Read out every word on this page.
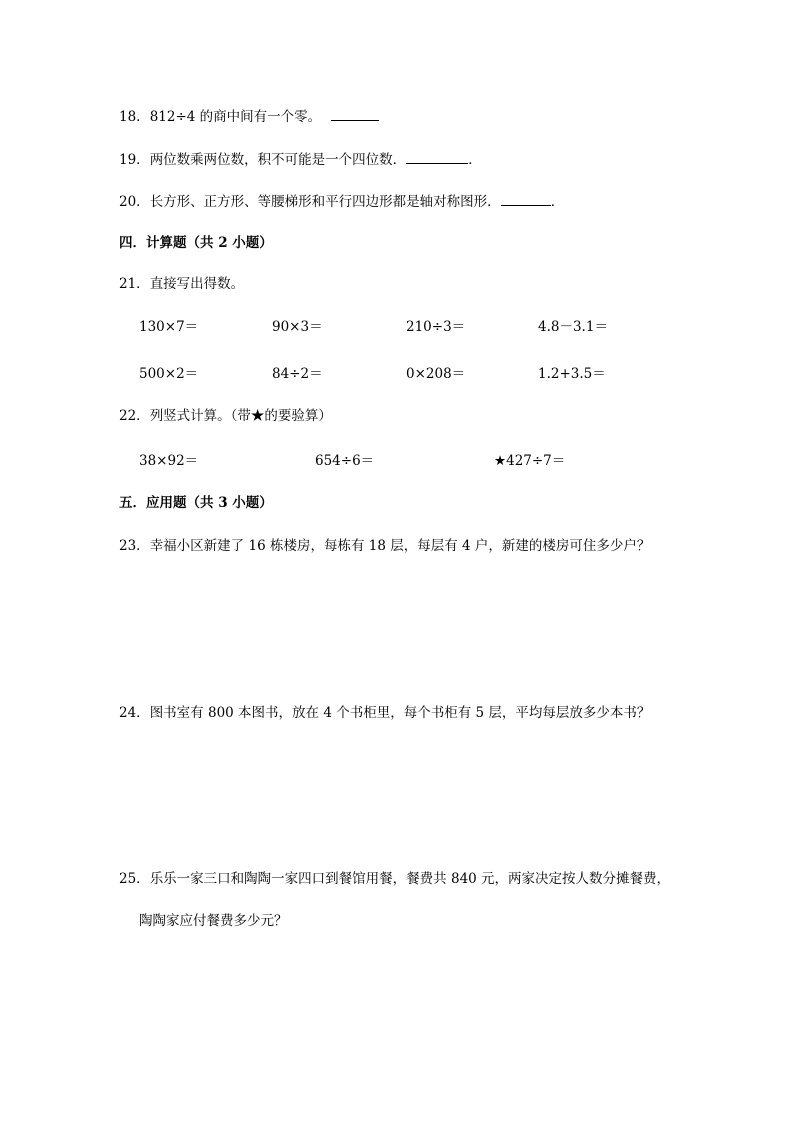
18．812÷4 的商中间有一个零。
19．两位数乘两位数，积不可能是一个四位数．	．
20．长方形、正方形、等腰梯形和平行四边形都是轴对称图形．	．
四．计算题（共 2 小题）
21．直接写出得数。
130×7＝	90×3＝	210÷3＝	4.8－3.1＝
500×2＝	84÷2＝	0×208＝	1.2+3.5＝
22．列竖式计算。（带★的要验算）
38×92＝	654÷6＝	★427÷7＝
五．应用题（共 3 小题）
23．幸福小区新建了 16 栋楼房，每栋有 18 层，每层有 4 户，新建的楼房可住多少户？
24．图书室有 800 本图书，放在 4 个书柜里，每个书柜有 5 层，平均每层放多少本书？
25．乐乐一家三口和陶陶一家四口到餐馆用餐，餐费共 840 元，两家决定按人数分摊餐费，
陶陶家应付餐费多少元？
